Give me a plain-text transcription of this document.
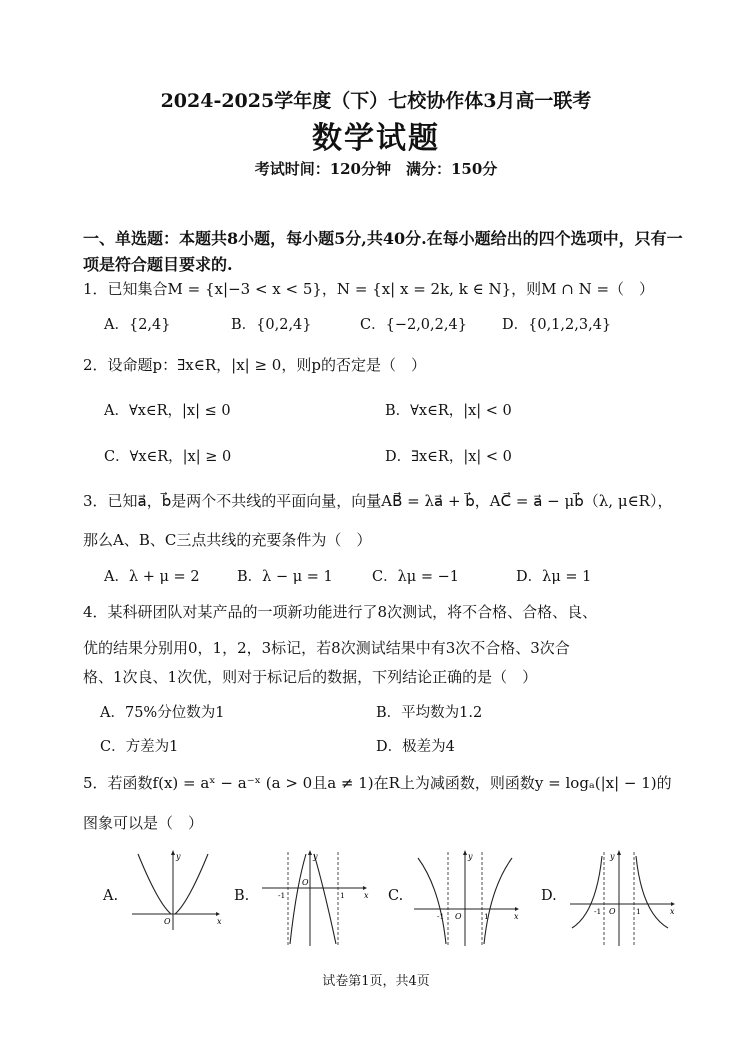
2024-2025学年度（下）七校协作体3月高一联考
数学试题
考试时间：120分钟　满分：150分
一、单选题：本题共8小题，每小题5分,共40分.在每小题给出的四个选项中，只有一项是符合题目要求的.
1．已知集合M = {x|−3 < x < 5}，N = {x| x = 2k, k ∈ N}，则M ∩ N =（　）
A．{2,4}	B．{0,2,4}	C．{−2,0,2,4} D．{0,1,2,3,4}
2．设命题p：∃x∈R，|x| ≥ 0，则p的否定是（　）
A．∀x∈R，|x| ≤ 0	B．∀x∈R，|x| < 0
C．∀x∈R，|x| ≥ 0	D．∃x∈R，|x| < 0
3．已知a⃗，b⃗是两个不共线的平面向量，向量AB⃗ = λa⃗ + b⃗，AC⃗ = a⃗ − μb⃗（λ, μ∈R），
那么A、B、C三点共线的充要条件为（　）
A．λ + μ = 2	B．λ − μ = 1	C．λμ = −1	D．λμ = 1
4．某科研团队对某产品的一项新功能进行了8次测试，将不合格、合格、良、
优的结果分别用0，1，2，3标记，若8次测试结果中有3次不合格、3次合
格、1次良、1次优，则对于标记后的数据，下列结论正确的是（　）
A．75%分位数为1	B．平均数为1.2
C．方差为1	D．极差为4
5．若函数f(x) = aˣ − a⁻ˣ (a > 0且a ≠ 1)在R上为减函数，则函数y = logₐ(|x| − 1)的
图象可以是（　）
A.	B.	C.	D.
y
x
O
y
x
O
-1	1
y
x
O
-1	1
y
x
O
-1	1
试卷第1页，共4页
